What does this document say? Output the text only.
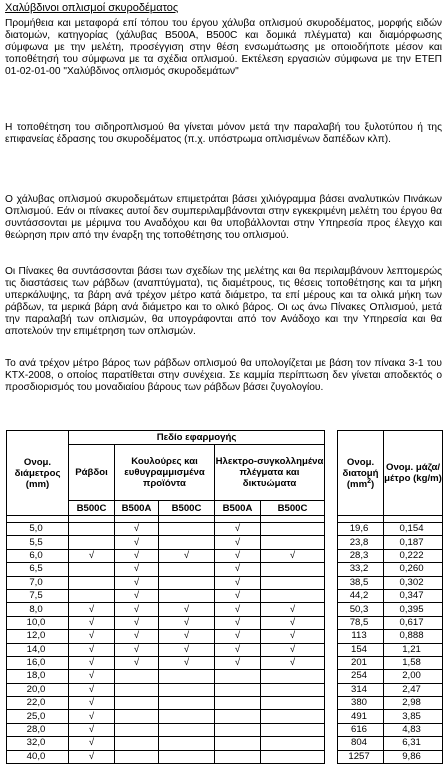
Χαλύβδινοι οπλισμοί σκυροδέματος

Προμήθεια και μεταφορά επί τόπου του έργου χάλυβα οπλισμού σκυροδέματος, μορφής ειδών διατομών, κατηγορίας (χάλυβας B500A, B500C και δομικά πλέγματα) και διαμόρφωσης σύμφωνα με την μελέτη, προσέγγιση στην θέση ενσωμάτωσης με οποιοδήποτε μέσον και τοποθέτησή του σύμφωνα με τα σχέδια οπλισμού. Εκτέλεση εργασιών σύμφωνα με την ΕΤΕΠ 01-02-01-00 "Χαλύβδινος οπλισμός σκυροδεμάτων"

Η τοποθέτηση του σιδηροπλισμού θα γίνεται μόνον μετά την παραλαβή του ξυλοτύπου ή της επιφανείας έδρασης του σκυροδέματος (π.χ. υπόστρωμα οπλισμένων δαπέδων κλπ).

Ο χάλυβας οπλισμού σκυροδεμάτων επιμετράται βάσει χιλιόγραμμα βάσει αναλυτικών Πινάκων Οπλισμού. Εάν οι πίνακες αυτοί δεν συμπεριλαμβάνονται στην εγκεκριμένη μελέτη του έργου θα συντάσσονται με μέριμνα του Αναδόχου και θα υποβάλλονται στην Υπηρεσία προς έλεγχο και θεώρηση πριν από την έναρξη της τοποθέτησης του οπλισμού.

Οι Πίνακες θα συντάσσονται βάσει των σχεδίων της μελέτης και θα περιλαμβάνουν λεπτομερώς τις διαστάσεις των ράβδων (αναπτύγματα), τις διαμέτρους, τις θέσεις τοποθέτησης και τα μήκη υπερκάλυψης, τα βάρη ανά τρέχον μέτρο κατά διάμετρο, τα επί μέρους και τα ολικά μήκη των ράβδων, τα μερικά βάρη ανά διάμετρο και το ολικό βάρος. Οι ως άνω Πίνακες Οπλισμού, μετά την παραλαβή των οπλισμών, θα υπογράφονται από τον Ανάδοχο και την Υπηρεσία και θα αποτελούν την επιμέτρηση των οπλισμών.

Το ανά τρέχον μέτρο βάρος των ράβδων οπλισμού θα υπολογίζεται με βάση τον πίνακα 3-1 του ΚΤΧ-2008, ο οποίος παρατίθεται στην συνέχεια. Σε καμμία περίπτωση δεν γίνεται αποδεκτός ο προσδιορισμός του μοναδιαίου βάρους των ράβδων βάσει ζυγολογίου.

Ονομ. διάμετρος (mm)	Πεδίο εφαρμογής						Ονομ. διατομή $(mm^2)$	Ονομ. μάζα/ μέτρο (kg/m)
	Ράβδοι	Κουλούρες και ευθυγραμμισμένα προϊόντα		Ηλεκτρο-συγκολλημένα πλέγματα και δικτυώματα				
	B500C	B500A	B500C	B500A	B500C			

5,0		√		√			19,6	0,154
5,5		√		√			23,8	0,187
6,0	√	√	√	√	√		28,3	0,222
6,5		√		√			33,2	0,260
7,0		√		√			38,5	0,302
7,5		√		√			44,2	0,347
8,0	√	√	√	√	√		50,3	0,395
10,0	√	√	√	√	√		78,5	0,617
12,0	√	√	√	√	√		113	0,888
14,0	√	√	√	√	√		154	1,21
16,0	√	√	√	√	√		201	1,58
18,0	√						254	2,00
20,0	√						314	2,47
22,0	√						380	2,98
25,0	√						491	3,85
28,0	√						616	4,83
32,0	√						804	6,31
40,0	√						1257	9,86
